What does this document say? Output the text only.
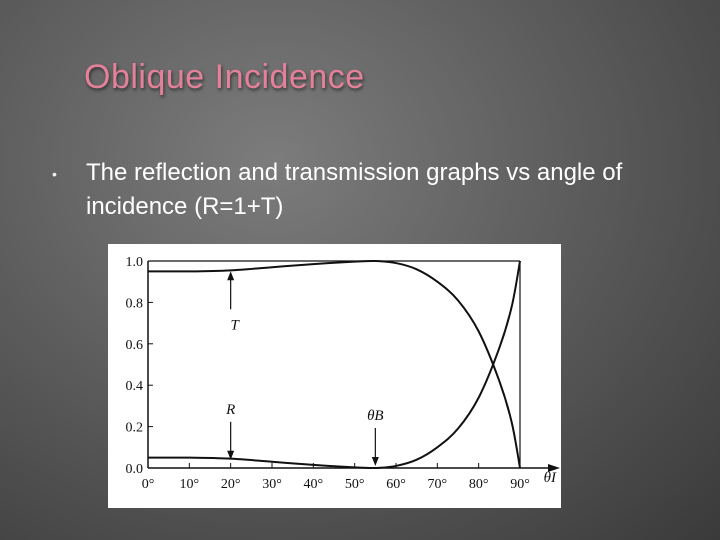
Oblique Incidence
• The reflection and transmission graphs vs angle of incidence (R=1+T)
0.0
0.2
0.4
0.6
0.8
1.0
0° 10° 20° 30° 40° 50° 60° 70° 80° 90° θI
T
R	θB
